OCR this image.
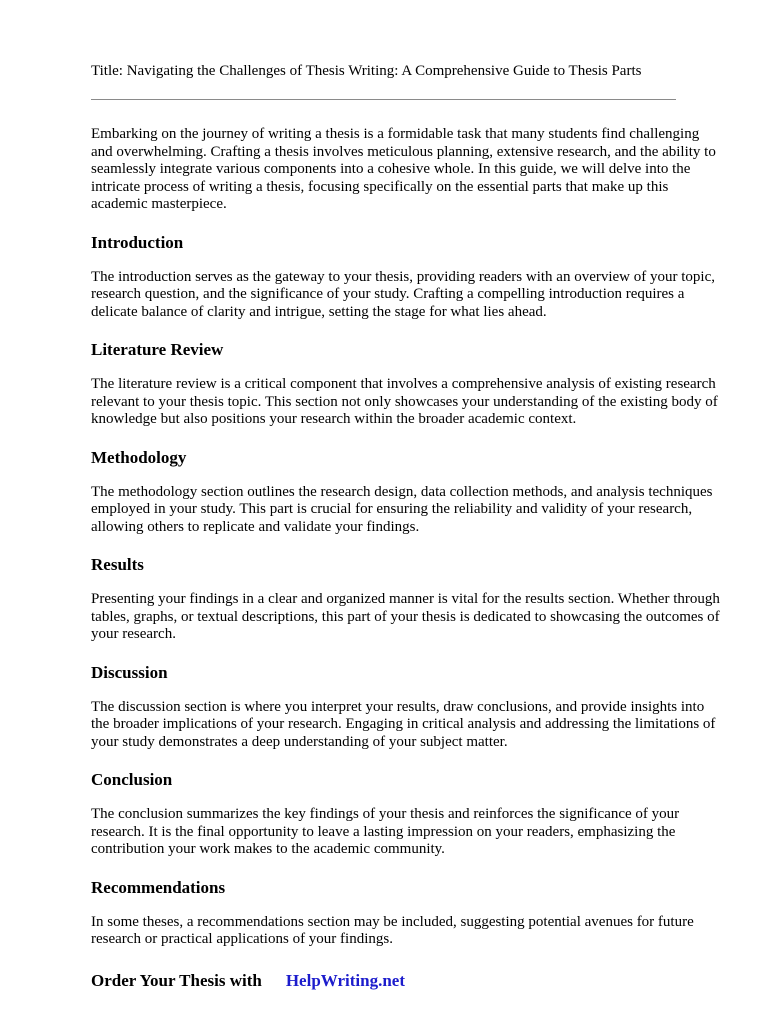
Title: Navigating the Challenges of Thesis Writing: A Comprehensive Guide to Thesis Parts

Embarking on the journey of writing a thesis is a formidable task that many students find challenging and overwhelming. Crafting a thesis involves meticulous planning, extensive research, and the ability to seamlessly integrate various components into a cohesive whole. In this guide, we will delve into the intricate process of writing a thesis, focusing specifically on the essential parts that make up this academic masterpiece.

Introduction

The introduction serves as the gateway to your thesis, providing readers with an overview of your topic, research question, and the significance of your study. Crafting a compelling introduction requires a delicate balance of clarity and intrigue, setting the stage for what lies ahead.

Literature Review

The literature review is a critical component that involves a comprehensive analysis of existing research relevant to your thesis topic. This section not only showcases your understanding of the existing body of knowledge but also positions your research within the broader academic context.

Methodology

The methodology section outlines the research design, data collection methods, and analysis techniques employed in your study. This part is crucial for ensuring the reliability and validity of your research, allowing others to replicate and validate your findings.

Results

Presenting your findings in a clear and organized manner is vital for the results section. Whether through tables, graphs, or textual descriptions, this part of your thesis is dedicated to showcasing the outcomes of your research.

Discussion

The discussion section is where you interpret your results, draw conclusions, and provide insights into the broader implications of your research. Engaging in critical analysis and addressing the limitations of your study demonstrates a deep understanding of your subject matter.

Conclusion

The conclusion summarizes the key findings of your thesis and reinforces the significance of your research. It is the final opportunity to leave a lasting impression on your readers, emphasizing the contribution your work makes to the academic community.

Recommendations

In some theses, a recommendations section may be included, suggesting potential avenues for future research or practical applications of your findings.

Order Your Thesis with HelpWriting.net
